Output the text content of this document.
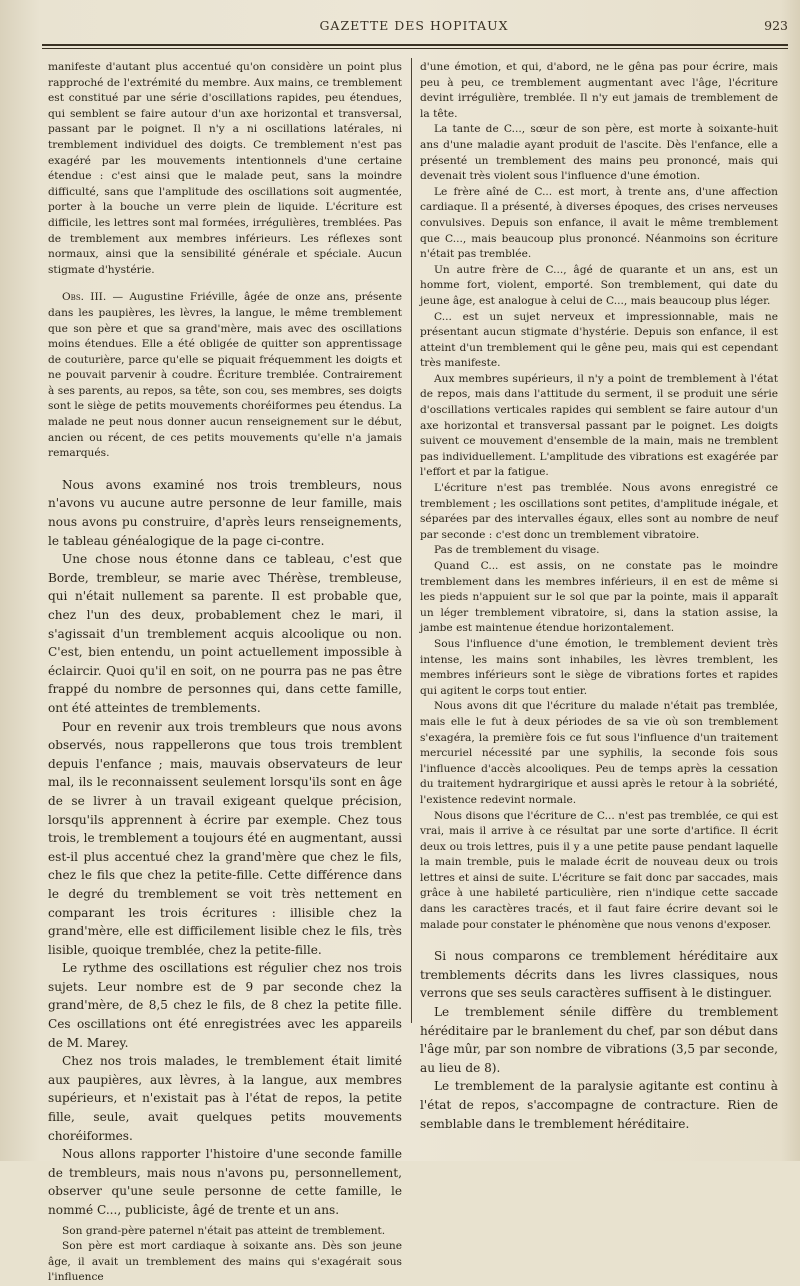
GAZETTE DES HOPITAUX	923

manifeste d'autant plus accentué qu'on considère un point plus rapproché de l'extrémité du membre. Aux mains, ce tremblement est constitué par une série d'oscillations rapides, peu étendues, qui semblent se faire autour d'un axe horizontal et transversal, passant par le poignet. Il n'y a ni oscillations latérales, ni tremblement individuel des doigts. Ce tremblement n'est pas exagéré par les mouvements intentionnels d'une certaine étendue : c'est ainsi que le malade peut, sans la moindre difficulté, sans que l'amplitude des oscillations soit augmentée, porter à la bouche un verre plein de liquide. L'écriture est difficile, les lettres sont mal formées, irrégulières, tremblées. Pas de tremblement aux membres inférieurs. Les réflexes sont normaux, ainsi que la sensibilité générale et spéciale. Aucun stigmate d'hystérie.

Obs. III. — Augustine Friéville, âgée de onze ans, présente dans les paupières, les lèvres, la langue, le même tremblement que son père et que sa grand'mère, mais avec des oscillations moins étendues. Elle a été obligée de quitter son apprentissage de couturière, parce qu'elle se piquait fréquemment les doigts et ne pouvait parvenir à coudre. Écriture tremblée. Contrairement à ses parents, au repos, sa tête, son cou, ses membres, ses doigts sont le siège de petits mouvements choréiformes peu étendus. La malade ne peut nous donner aucun renseignement sur le début, ancien ou récent, de ces petits mouvements qu'elle n'a jamais remarqués.

Nous avons examiné nos trois trembleurs, nous n'avons vu aucune autre personne de leur famille, mais nous avons pu construire, d'après leurs renseignements, le tableau généalogique de la page ci-contre.

Une chose nous étonne dans ce tableau, c'est que Borde, trembleur, se marie avec Thérèse, trembleuse, qui n'était nullement sa parente. Il est probable que, chez l'un des deux, probablement chez le mari, il s'agissait d'un tremblement acquis alcoolique ou non. C'est, bien entendu, un point actuellement impossible à éclaircir. Quoi qu'il en soit, on ne pourra pas ne pas être frappé du nombre de personnes qui, dans cette famille, ont été atteintes de tremblements.

Pour en revenir aux trois trembleurs que nous avons observés, nous rappellerons que tous trois tremblent depuis l'enfance ; mais, mauvais observateurs de leur mal, ils le reconnaissent seulement lorsqu'ils sont en âge de se livrer à un travail exigeant quelque précision, lorsqu'ils apprennent à écrire par exemple. Chez tous trois, le tremblement a toujours été en augmentant, aussi est-il plus accentué chez la grand'mère que chez le fils, chez le fils que chez la petite-fille. Cette différence dans le degré du tremblement se voit très nettement en comparant les trois écritures : illisible chez la grand'mère, elle est difficilement lisible chez le fils, très lisible, quoique tremblée, chez la petite-fille.

Le rythme des oscillations est régulier chez nos trois sujets. Leur nombre est de 9 par seconde chez la grand'mère, de 8,5 chez le fils, de 8 chez la petite fille. Ces oscillations ont été enregistrées avec les appareils de M. Marey.

Chez nos trois malades, le tremblement était limité aux paupières, aux lèvres, à la langue, aux membres supérieurs, et n'existait pas à l'état de repos, la petite fille, seule, avait quelques petits mouvements choréiformes.

Nous allons rapporter l'histoire d'une seconde famille de trembleurs, mais nous n'avons pu, personnellement, observer qu'une seule personne de cette famille, le nommé C..., publiciste, âgé de trente et un ans.

Son grand-père paternel n'était pas atteint de tremblement.

Son père est mort cardiaque à soixante ans. Dès son jeune âge, il avait un tremblement des mains qui s'exagérait sous l'influence

d'une émotion, et qui, d'abord, ne le gêna pas pour écrire, mais peu à peu, ce tremblement augmentant avec l'âge, l'écriture devint irrégulière, tremblée. Il n'y eut jamais de tremblement de la tête.

La tante de C..., sœur de son père, est morte à soixante-huit ans d'une maladie ayant produit de l'ascite. Dès l'enfance, elle a présenté un tremblement des mains peu prononcé, mais qui devenait très violent sous l'influence d'une émotion.

Le frère aîné de C... est mort, à trente ans, d'une affection cardiaque. Il a présenté, à diverses époques, des crises nerveuses convulsives. Depuis son enfance, il avait le même tremblement que C..., mais beaucoup plus prononcé. Néanmoins son écriture n'était pas tremblée.

Un autre frère de C..., âgé de quarante et un ans, est un homme fort, violent, emporté. Son tremblement, qui date du jeune âge, est analogue à celui de C..., mais beaucoup plus léger.

C... est un sujet nerveux et impressionnable, mais ne présentant aucun stigmate d'hystérie. Depuis son enfance, il est atteint d'un tremblement qui le gêne peu, mais qui est cependant très manifeste.

Aux membres supérieurs, il n'y a point de tremblement à l'état de repos, mais dans l'attitude du serment, il se produit une série d'oscillations verticales rapides qui semblent se faire autour d'un axe horizontal et transversal passant par le poignet. Les doigts suivent ce mouvement d'ensemble de la main, mais ne tremblent pas individuellement. L'amplitude des vibrations est exagérée par l'effort et par la fatigue.

L'écriture n'est pas tremblée. Nous avons enregistré ce tremblement ; les oscillations sont petites, d'amplitude inégale, et séparées par des intervalles égaux, elles sont au nombre de neuf par seconde : c'est donc un tremblement vibratoire.

Pas de tremblement du visage.

Quand C... est assis, on ne constate pas le moindre tremblement dans les membres inférieurs, il en est de même si les pieds n'appuient sur le sol que par la pointe, mais il apparaît un léger tremblement vibratoire, si, dans la station assise, la jambe est maintenue étendue horizontalement.

Sous l'influence d'une émotion, le tremblement devient très intense, les mains sont inhabiles, les lèvres tremblent, les membres inférieurs sont le siège de vibrations fortes et rapides qui agitent le corps tout entier.

Nous avons dit que l'écriture du malade n'était pas tremblée, mais elle le fut à deux périodes de sa vie où son tremblement s'exagéra, la première fois ce fut sous l'influence d'un traitement mercuriel nécessité par une syphilis, la seconde fois sous l'influence d'accès alcooliques. Peu de temps après la cessation du traitement hydrargirique et aussi après le retour à la sobriété, l'existence redevint normale.

Nous disons que l'écriture de C... n'est pas tremblée, ce qui est vrai, mais il arrive à ce résultat par une sorte d'artifice. Il écrit deux ou trois lettres, puis il y a une petite pause pendant laquelle la main tremble, puis le malade écrit de nouveau deux ou trois lettres et ainsi de suite. L'écriture se fait donc par saccades, mais grâce à une habileté particulière, rien n'indique cette saccade dans les caractères tracés, et il faut faire écrire devant soi le malade pour constater le phénomène que nous venons d'exposer.

Si nous comparons ce tremblement héréditaire aux tremblements décrits dans les livres classiques, nous verrons que ses seuls caractères suffisent à le distinguer.

Le tremblement sénile diffère du tremblement héréditaire par le branlement du chef, par son début dans l'âge mûr, par son nombre de vibrations (3,5 par seconde, au lieu de 8).

Le tremblement de la paralysie agitante est continu à l'état de repos, s'accompagne de contracture. Rien de semblable dans le tremblement héréditaire.
